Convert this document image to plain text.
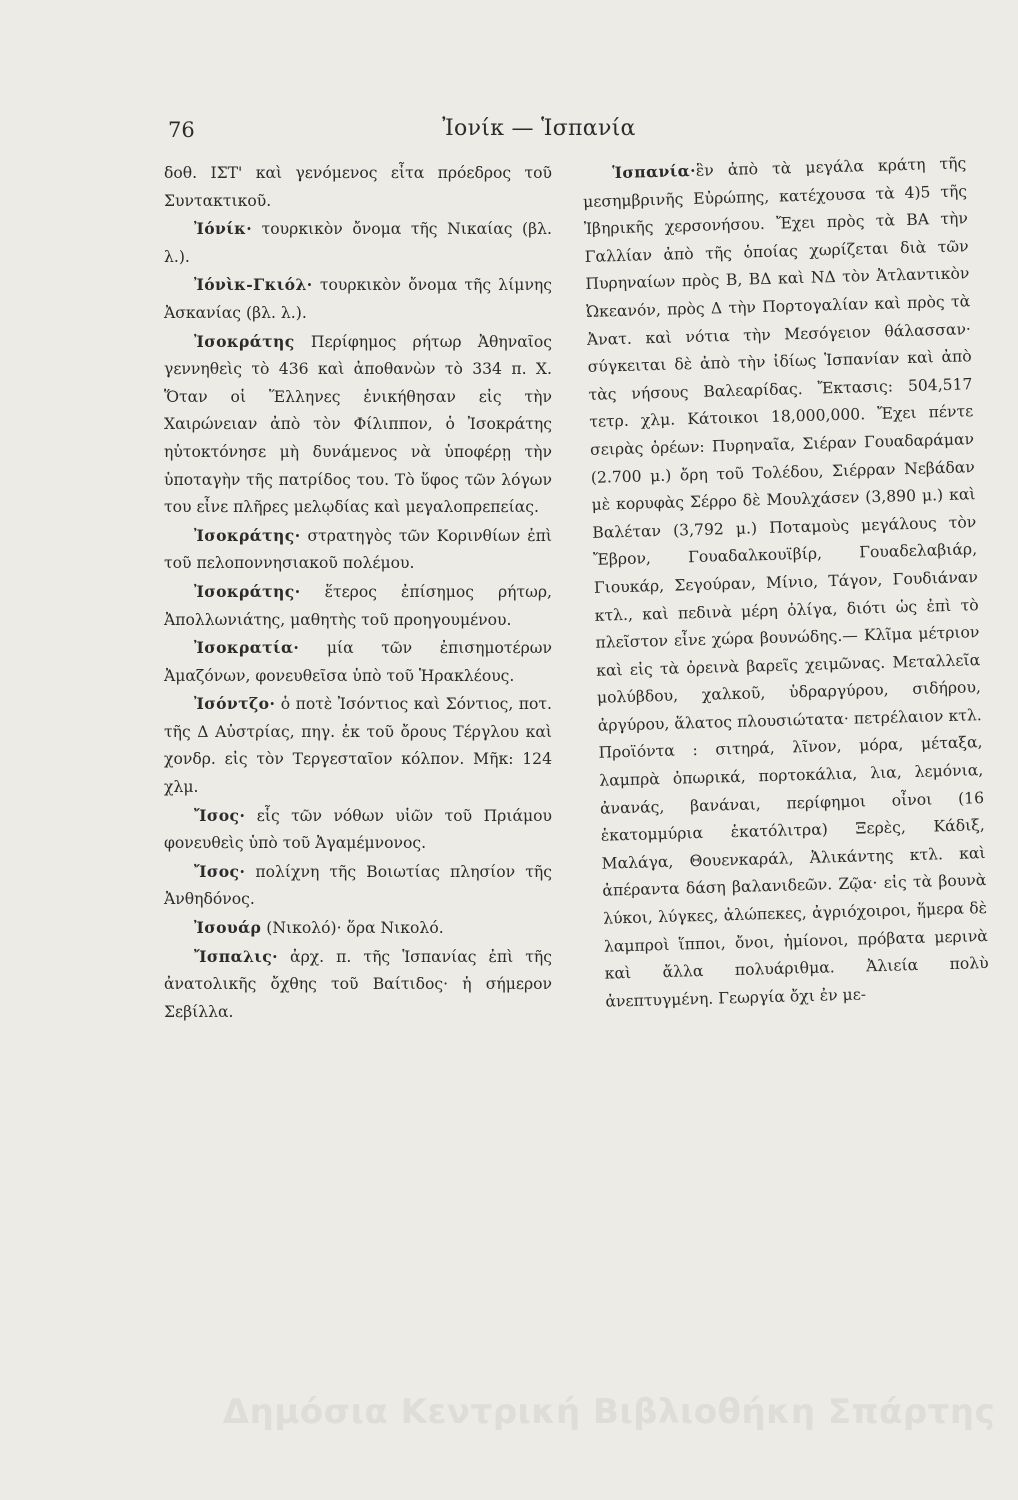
76	Ἰονίκ — Ἱσπανία

δοθ. ΙΣΤ' καὶ γενόμενος εἶτα πρόεδρος τοῦ Συντακτικοῦ.

Ἰόνίκ· τουρκικὸν ὄνομα τῆς Νικαίας (βλ. λ.).

Ἰόνὶκ-Γκιόλ· τουρκικὸν ὄνομα τῆς λίμνης Ἀσκανίας (βλ. λ.).

Ἰσοκράτης Περίφημος ρήτωρ Ἀθηναῖος γεννηθεὶς τὸ 436 καὶ ἀποθανὼν τὸ 334 π. Χ. Ὅταν οἱ Ἕλληνες ἐνικήθησαν εἰς τὴν Χαιρώνειαν ἀπὸ τὸν Φίλιππον, ὁ Ἰσοκράτης ηὐτοκτόνησε μὴ δυνάμενος νὰ ὑποφέρῃ τὴν ὑποταγὴν τῆς πατρίδος του. Τὸ ὕφος τῶν λόγων του εἶνε πλῆρες μελῳδίας καὶ μεγαλοπρεπείας.

Ἰσοκράτης· στρατηγὸς τῶν Κορινθίων ἐπὶ τοῦ πελοποννησιακοῦ πολέμου.

Ἰσοκράτης· ἕτερος ἐπίσημος ρήτωρ, Ἀπολλωνιάτης, μαθητὴς τοῦ προηγουμένου.

Ἰσοκρατία· μία τῶν ἐπισημοτέρων Ἀμαζόνων, φονευθεῖσα ὑπὸ τοῦ Ἡρακλέους.

Ἰσόντζο· ὁ ποτὲ Ἰσόντιος καὶ Σόντιος, ποτ. τῆς Δ Αὐστρίας, πηγ. ἐκ τοῦ ὄρους Τέργλου καὶ χονδρ. εἰς τὸν Τεργεσταῖον κόλπον. Μῆκ: 124 χλμ.

Ἴσος· εἷς τῶν νόθων υἱῶν τοῦ Πριάμου φονευθεὶς ὑπὸ τοῦ Ἀγαμέμνονος.

Ἴσος· πολίχνη τῆς Βοιωτίας πλησίον τῆς Ἀνθηδόνος.

Ἰσουάρ (Νικολό)· ὅρα Νικολό.

Ἴσπαλις· ἀρχ. π. τῆς Ἱσπανίας ἐπὶ τῆς ἀνατολικῆς ὄχθης τοῦ Βαίτιδος· ἡ σήμερον Σεβίλλα.

Ἱσπανία·ἓν ἀπὸ τὰ μεγάλα κράτη τῆς μεσημβρινῆς Εὐρώπης, κατέχουσα τὰ 4)5 τῆς Ἰβηρικῆς χερσονήσου. Ἔχει πρὸς τὰ ΒΑ τὴν Γαλλίαν ἀπὸ τῆς ὁποίας χωρίζεται διὰ τῶν Πυρηναίων πρὸς Β, ΒΔ καὶ ΝΔ τὸν Ἀτλαντικὸν Ὠκεανόν, πρὸς Δ τὴν Πορτογαλίαν καὶ πρὸς τὰ Ἀνατ. καὶ νότια τὴν Μεσόγειον θάλασσαν· σύγκειται δὲ ἀπὸ τὴν ἰδίως Ἱσπανίαν καὶ ἀπὸ τὰς νήσους Βαλεαρίδας. Ἔκτασις: 504,517 τετρ. χλμ. Κάτοικοι 18,000,000. Ἔχει πέντε σειρὰς ὀρέων: Πυρηναῖα, Σιέραν Γουαδαράμαν (2.700 μ.) ὄρη τοῦ Τολέδου, Σιέρραν Νεβάδαν μὲ κορυφὰς Σέρρο δὲ Μουλχάσεν (3,890 μ.) καὶ Βαλέταν (3,792 μ.) Ποταμοὺς μεγάλους τὸν Ἔβρον, Γουαδαλκουϊβίρ, Γουαδελαβιάρ, Γιουκάρ, Σεγούραν, Μίνιο, Τάγον, Γουδιάναν κτλ., καὶ πεδινὰ μέρη ὀλίγα, διότι ὡς ἐπὶ τὸ πλεῖστον εἶνε χώρα βουνώδης.— Κλῖμα μέτριον καὶ εἰς τὰ ὀρεινὰ βαρεῖς χειμῶνας. Μεταλλεῖα μολύβδου, χαλκοῦ, ὑδραργύρου, σιδήρου, ἀργύρου, ἅλατος πλουσιώτατα· πετρέλαιον κτλ. Προϊόντα : σιτηρά, λῖνον, μόρα, μέταξα, λαμπρὰ ὀπωρικά, πορτοκάλια, λια, λεμόνια, ἀνανάς, βανάναι, περίφημοι οἶνοι (16 ἑκατομμύρια ἑκατόλιτρα) Ξερὲς, Κάδιξ, Μαλάγα, Θουενκαράλ, Ἀλικάντης κτλ. καὶ ἀπέραντα δάση βαλανιδεῶν. Ζῷα· εἰς τὰ βουνὰ λύκοι, λύγκες, ἀλώπεκες, ἀγριόχοιροι, ἥμερα δὲ λαμπροὶ ἵπποι, ὄνοι, ἡμίονοι, πρόβατα μερινὰ καὶ ἄλλα πολυάριθμα. Ἀλιεία πολὺ ἀνεπτυγμένη. Γεωργία ὄχι ἐν με-

Δημόσια Κεντρική Βιβλιοθήκη Σπάρτης
